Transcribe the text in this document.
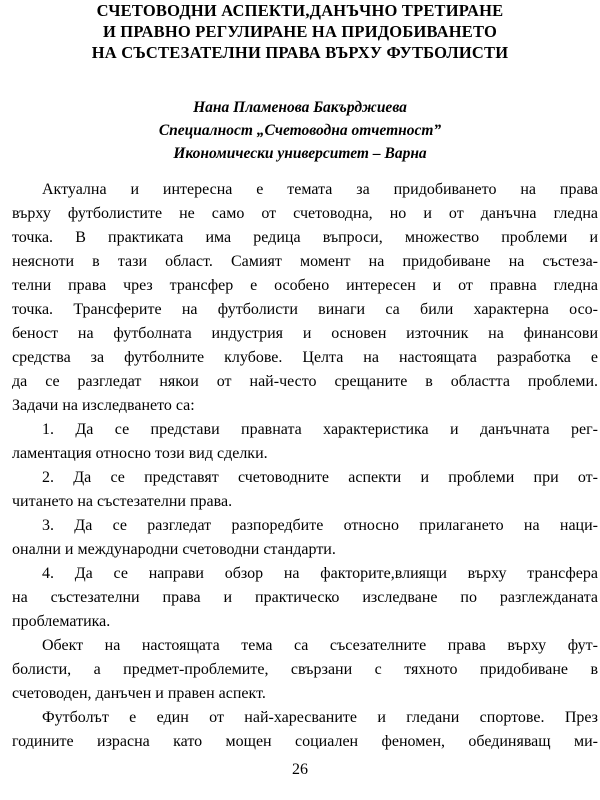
СЧЕТОВОДНИ АСПЕКТИ,ДАНЪЧНО ТРЕТИРАНЕ
И ПРАВНО РЕГУЛИРАНЕ НА ПРИДОБИВАНЕТО
НА СЪСТЕЗАТЕЛНИ ПРАВА ВЪРХУ ФУТБОЛИСТИ
Нана Пламенова Бакърджиева
Специалност „Счетоводна отчетност”
Икономически университет – Варна
Актуална и интересна е темата за придобиването на права
върху футболистите не само от счетоводна, но и от данъчна гледна
точка. В практиката има редица въпроси, множество проблеми и
неясноти в тази област. Самият момент на придобиване на състеза-
телни права чрез трансфер е особено интересен и от правна гледна
точка. Трансферите на футболисти винаги са били характерна осо-
беност на футболната индустрия и основен източник на финансови
средства за футболните клубове. Целта на настоящата разработка е
да се разгледат някои от най-често срещаните в областта проблеми.
Задачи на изследването са:
1. Да се представи правната характеристика и данъчната рег-
ламентация относно този вид сделки.
2. Да се представят счетоводните аспекти и проблеми при от-
читането на състезателни права.
3. Да се разгледат разпоредбите относно прилагането на наци-
онални и международни счетоводни стандарти.
4. Да се направи обзор на факторите,влиящи върху трансфера
на състезателни права и практическо изследване по разглежданата
проблематика.
Обект на настоящата тема са съсезателните права върху фут-
болисти, а предмет-проблемите, свързани с тяхното придобиване в
счетоводен, данъчен и правен аспект.
Футболът е един от най-харесваните и гледани спортове. През
годините израсна като мощен социален феномен, обединяващ ми-
26
